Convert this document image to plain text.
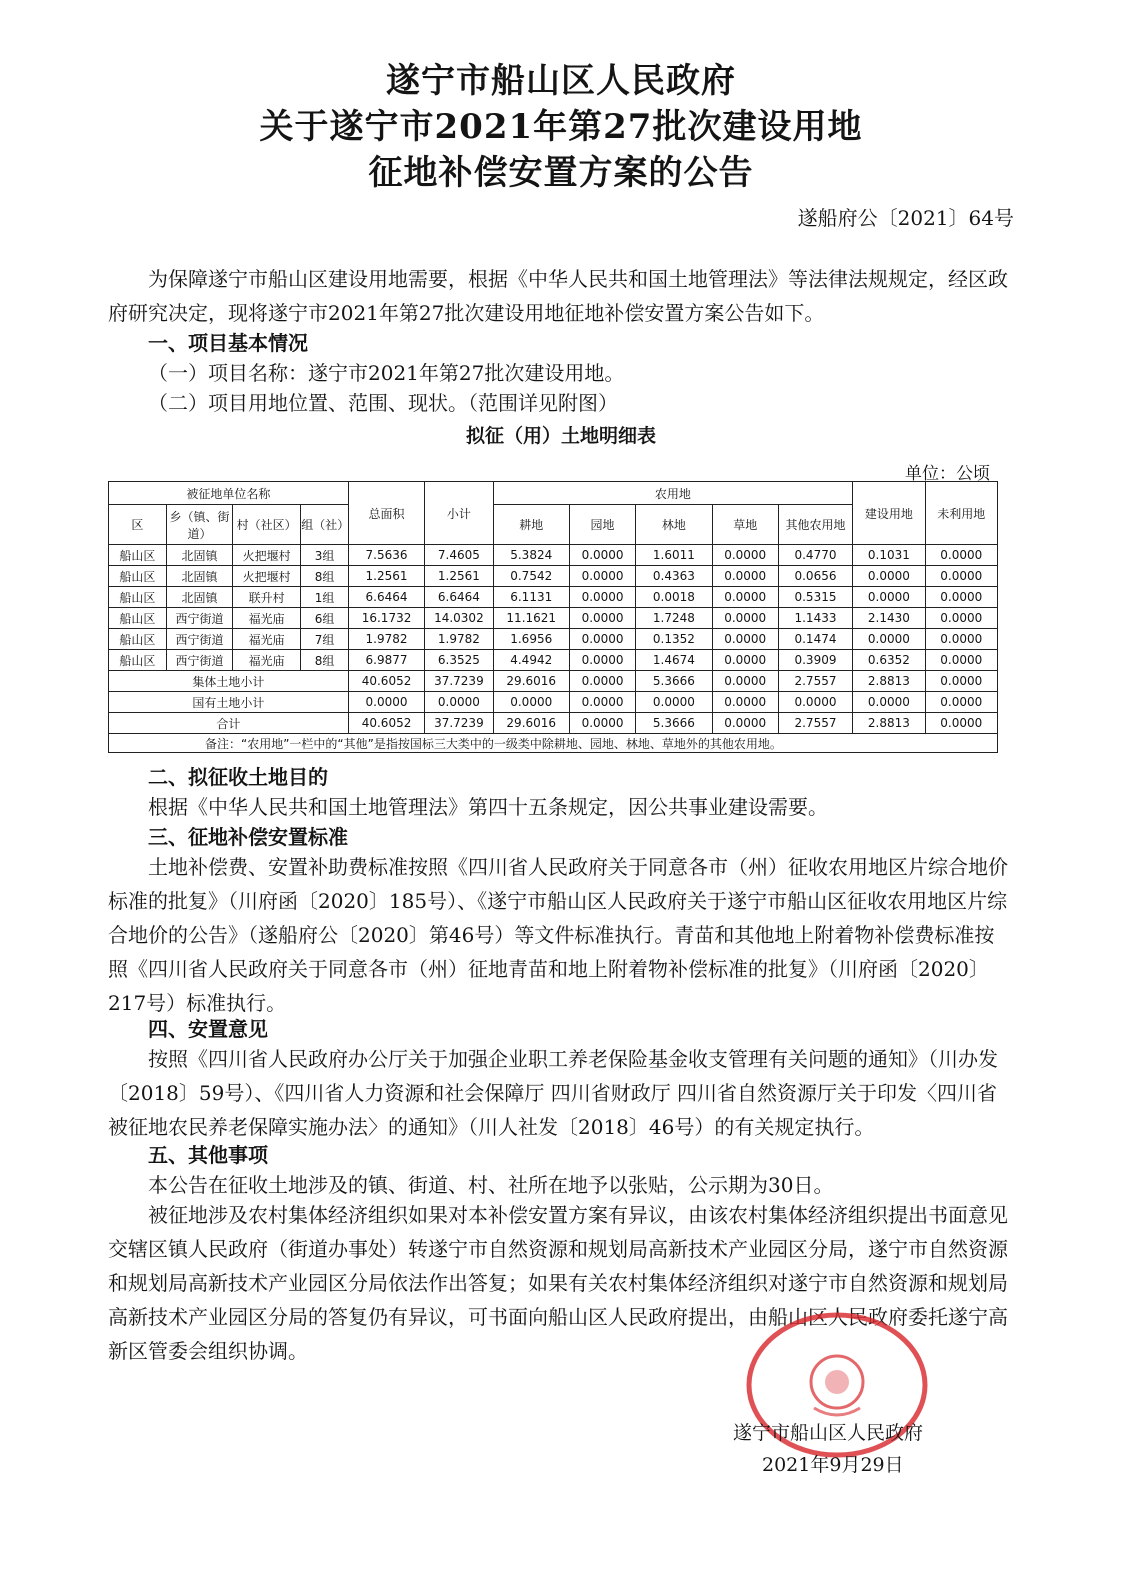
遂宁市船山区人民政府
关于遂宁市2021年第27批次建设用地
征地补偿安置方案的公告
遂船府公〔2021〕64号
为保障遂宁市船山区建设用地需要，根据《中华人民共和国土地管理法》等法律法规规定，经区政府研究决定，现将遂宁市2021年第27批次建设用地征地补偿安置方案公告如下。
一、项目基本情况
（一）项目名称：遂宁市2021年第27批次建设用地。
（二）项目用地位置、范围、现状。（范围详见附图）
拟征（用）土地明细表
单位：公顷
被征地单位名称				总面积	小计	农用地					建设用地	未利用地
区	乡（镇、街道）	村（社区）	组（社）			耕地	园地	林地	草地	其他农用地		
船山区	北固镇	火把堰村	3组	7.5636	7.4605	5.3824	0.0000	1.6011	0.0000	0.4770	0.1031	0.0000
船山区	北固镇	火把堰村	8组	1.2561	1.2561	0.7542	0.0000	0.4363	0.0000	0.0656	0.0000	0.0000
船山区	北固镇	联升村	1组	6.6464	6.6464	6.1131	0.0000	0.0018	0.0000	0.5315	0.0000	0.0000
船山区	西宁街道	福光庙	6组	16.1732	14.0302	11.1621	0.0000	1.7248	0.0000	1.1433	2.1430	0.0000
船山区	西宁街道	福光庙	7组	1.9782	1.9782	1.6956	0.0000	0.1352	0.0000	0.1474	0.0000	0.0000
船山区	西宁街道	福光庙	8组	6.9877	6.3525	4.4942	0.0000	1.4674	0.0000	0.3909	0.6352	0.0000
集体土地小计				40.6052	37.7239	29.6016	0.0000	5.3666	0.0000	2.7557	2.8813	0.0000
国有土地小计				0.0000	0.0000	0.0000	0.0000	0.0000	0.0000	0.0000	0.0000	0.0000
合计				40.6052	37.7239	29.6016	0.0000	5.3666	0.0000	2.7557	2.8813	0.0000
备注：“农用地”一栏中的“其他”是指按国标三大类中的一级类中除耕地、园地、林地、草地外的其他农用地。												
二、拟征收土地目的
根据《中华人民共和国土地管理法》第四十五条规定，因公共事业建设需要。
三、征地补偿安置标准
土地补偿费、安置补助费标准按照《四川省人民政府关于同意各市（州）征收农用地区片综合地价标准的批复》（川府函〔2020〕185号）、《遂宁市船山区人民政府关于遂宁市船山区征收农用地区片综合地价的公告》（遂船府公〔2020〕第46号）等文件标准执行。青苗和其他地上附着物补偿费标准按照《四川省人民政府关于同意各市（州）征地青苗和地上附着物补偿标准的批复》（川府函〔2020〕217号）标准执行。
四、安置意见
按照《四川省人民政府办公厅关于加强企业职工养老保险基金收支管理有关问题的通知》（川办发〔2018〕59号）、《四川省人力资源和社会保障厅 四川省财政厅 四川省自然资源厅关于印发〈四川省被征地农民养老保障实施办法〉的通知》（川人社发〔2018〕46号）的有关规定执行。
五、其他事项
本公告在征收土地涉及的镇、街道、村、社所在地予以张贴，公示期为30日。
被征地涉及农村集体经济组织如果对本补偿安置方案有异议，由该农村集体经济组织提出书面意见交辖区镇人民政府（街道办事处）转遂宁市自然资源和规划局高新技术产业园区分局，遂宁市自然资源和规划局高新技术产业园区分局依法作出答复；如果有关农村集体经济组织对遂宁市自然资源和规划局高新技术产业园区分局的答复仍有异议，可书面向船山区人民政府提出，由船山区人民政府委托遂宁高新区管委会组织协调。
遂宁市船山区人民政府
2021年9月29日
